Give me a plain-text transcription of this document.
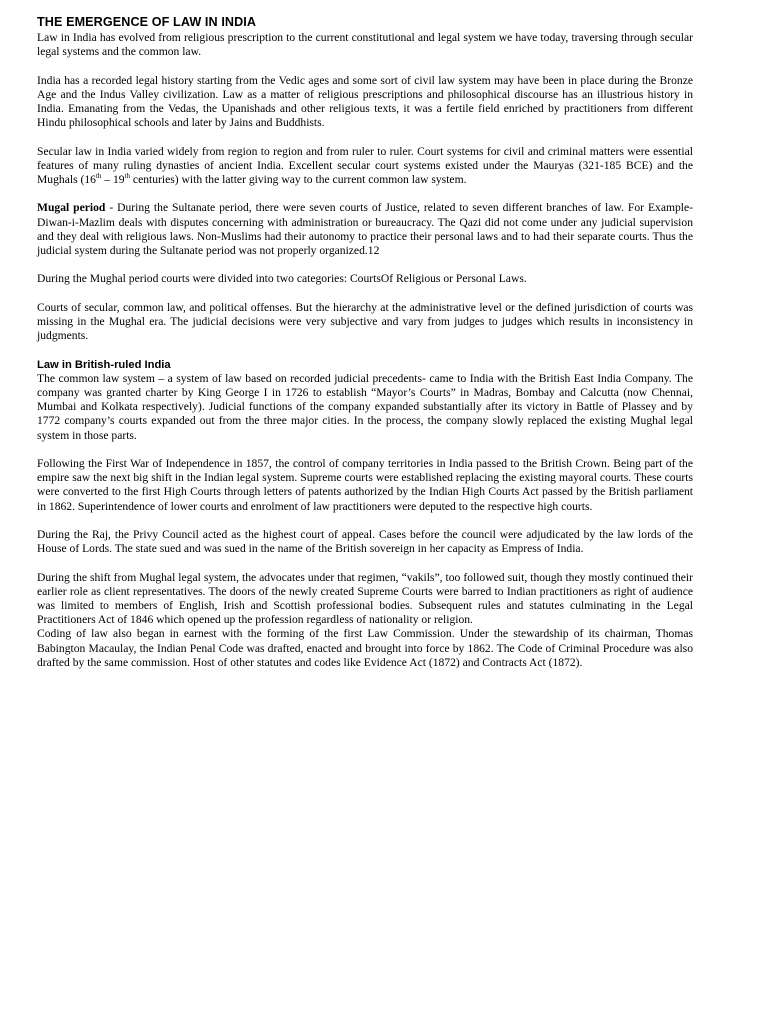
THE EMERGENCE OF LAW IN INDIA

Law in India has evolved from religious prescription to the current constitutional and legal system we have today, traversing through secular legal systems and the common law.

India has a recorded legal history starting from the Vedic ages and some sort of civil law system may have been in place during the Bronze Age and the Indus Valley civilization. Law as a matter of religious prescriptions and philosophical discourse has an illustrious history in India. Emanating from the Vedas, the Upanishads and other religious texts, it was a fertile field enriched by practitioners from different Hindu philosophical schools and later by Jains and Buddhists.

Secular law in India varied widely from region to region and from ruler to ruler. Court systems for civil and criminal matters were essential features of many ruling dynasties of ancient India. Excellent secular court systems existed under the Mauryas (321-185 BCE) and the Mughals (16th – 19th centuries) with the latter giving way to the current common law system.

Mugal period - During the Sultanate period, there were seven courts of Justice, related to seven different branches of law. For Example- Diwan-i-Mazlim deals with disputes concerning with administration or bureaucracy. The Qazi did not come under any judicial supervision and they deal with religious laws. Non-Muslims had their autonomy to practice their personal laws and to had their separate courts. Thus the judicial system during the Sultanate period was not properly organized.12

During the Mughal period courts were divided into two categories: CourtsOf Religious or Personal Laws.

Courts of secular, common law, and political offenses. But the hierarchy at the administrative level or the defined jurisdiction of courts was missing in the Mughal era. The judicial decisions were very subjective and vary from judges to judges which results in inconsistency in judgments.

Law in British-ruled India

The common law system – a system of law based on recorded judicial precedents- came to India with the British East India Company. The company was granted charter by King George I in 1726 to establish “Mayor’s Courts” in Madras, Bombay and Calcutta (now Chennai, Mumbai and Kolkata respectively). Judicial functions of the company expanded substantially after its victory in Battle of Plassey and by 1772 company’s courts expanded out from the three major cities. In the process, the company slowly replaced the existing Mughal legal system in those parts.

Following the First War of Independence in 1857, the control of company territories in India passed to the British Crown. Being part of the empire saw the next big shift in the Indian legal system. Supreme courts were established replacing the existing mayoral courts. These courts were converted to the first High Courts through letters of patents authorized by the Indian High Courts Act passed by the British parliament in 1862. Superintendence of lower courts and enrolment of law practitioners were deputed to the respective high courts.

During the Raj, the Privy Council acted as the highest court of appeal. Cases before the council were adjudicated by the law lords of the House of Lords. The state sued and was sued in the name of the British sovereign in her capacity as Empress of India.

During the shift from Mughal legal system, the advocates under that regimen, “vakils”, too followed suit, though they mostly continued their earlier role as client representatives. The doors of the newly created Supreme Courts were barred to Indian practitioners as right of audience was limited to members of English, Irish and Scottish professional bodies. Subsequent rules and statutes culminating in the Legal Practitioners Act of 1846 which opened up the profession regardless of nationality or religion.

Coding of law also began in earnest with the forming of the first Law Commission. Under the stewardship of its chairman, Thomas Babington Macaulay, the Indian Penal Code was drafted, enacted and brought into force by 1862. The Code of Criminal Procedure was also drafted by the same commission. Host of other statutes and codes like Evidence Act (1872) and Contracts Act (1872).
